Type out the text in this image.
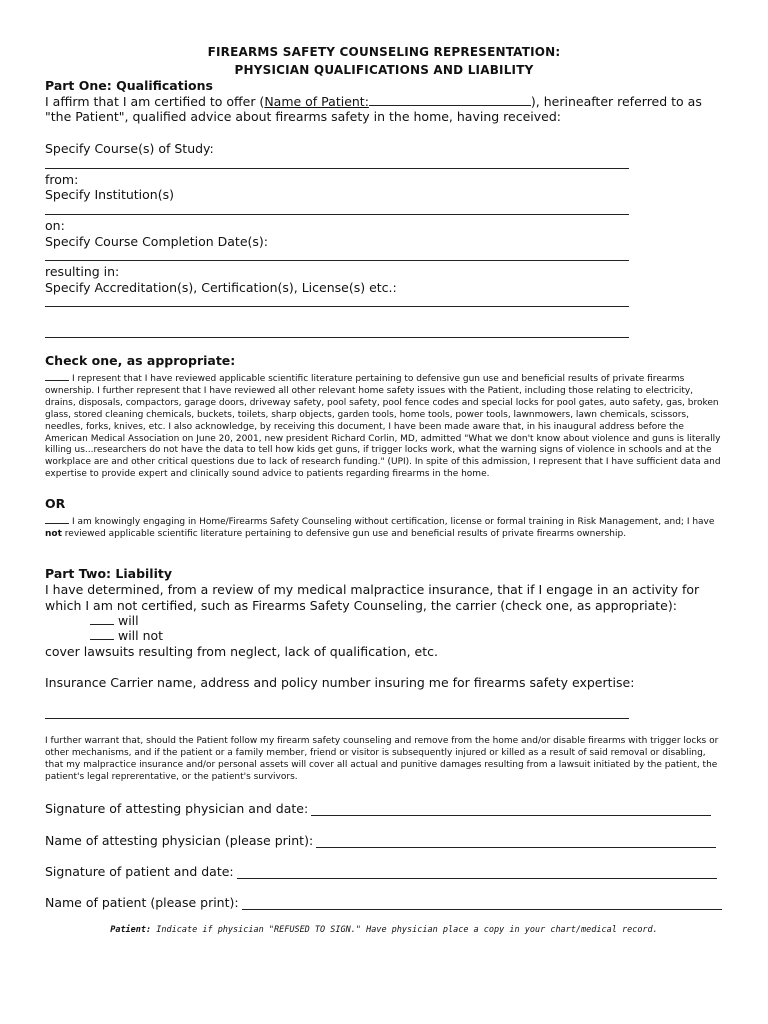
FIREARMS SAFETY COUNSELING REPRESENTATION:
PHYSICIAN QUALIFICATIONS AND LIABILITY
Part One: Qualifications
I affirm that I am certified to offer (Name of Patient:	), herineafter referred to as
"the Patient", qualified advice about firearms safety in the home, having received:
Specify Course(s) of Study:
from:
Specify Institution(s)
on:
Specify Course Completion Date(s):
resulting in:
Specify Accreditation(s), Certification(s), License(s) etc.:
Check one, as appropriate:
I represent that I have reviewed applicable scientific literature pertaining to defensive gun use and beneficial results of private firearms ownership. I further represent that I have reviewed all other relevant home safety issues with the Patient, including those relating to electricity, drains, disposals, compactors, garage doors, driveway safety, pool safety, pool fence codes and special locks for pool gates, auto safety, gas, broken glass, stored cleaning chemicals, buckets, toilets, sharp objects, garden tools, home tools, power tools, lawnmowers, lawn chemicals, scissors, needles, forks, knives, etc. I also acknowledge, by receiving this document, I have been made aware that, in his inaugural address before the American Medical Association on June 20, 2001, new president Richard Corlin, MD, admitted "What we don't know about violence and guns is literally killing us...researchers do not have the data to tell how kids get guns, if trigger locks work, what the warning signs of violence in schools and at the workplace are and other critical questions due to lack of research funding." (UPI). In spite of this admission, I represent that I have sufficient data and expertise to provide expert and clinically sound advice to patients regarding firearms in the home.
OR
I am knowingly engaging in Home/Firearms Safety Counseling without certification, license or formal training in Risk Management, and; I have not reviewed applicable scientific literature pertaining to defensive gun use and beneficial results of private firearms ownership.
Part Two: Liability
I have determined, from a review of my medical malpractice insurance, that if I engage in an activity for
which I am not certified, such as Firearms Safety Counseling, the carrier (check one, as appropriate):
will
will not
cover lawsuits resulting from neglect, lack of qualification, etc.
Insurance Carrier name, address and policy number insuring me for firearms safety expertise:
I further warrant that, should the Patient follow my firearm safety counseling and remove from the home and/or disable firearms with trigger locks or other mechanisms, and if the patient or a family member, friend or visitor is subsequently injured or killed as a result of said removal or disabling, that my malpractice insurance and/or personal assets will cover all actual and punitive damages resulting from a lawsuit initiated by the patient, the patient's legal reprerentative, or the patient's survivors.
Signature of attesting physician and date:
Name of attesting physician (please print):
Signature of patient and date:
Name of patient (please print):
Patient: Indicate if physician "REFUSED TO SIGN." Have physician place a copy in your chart/medical record.
